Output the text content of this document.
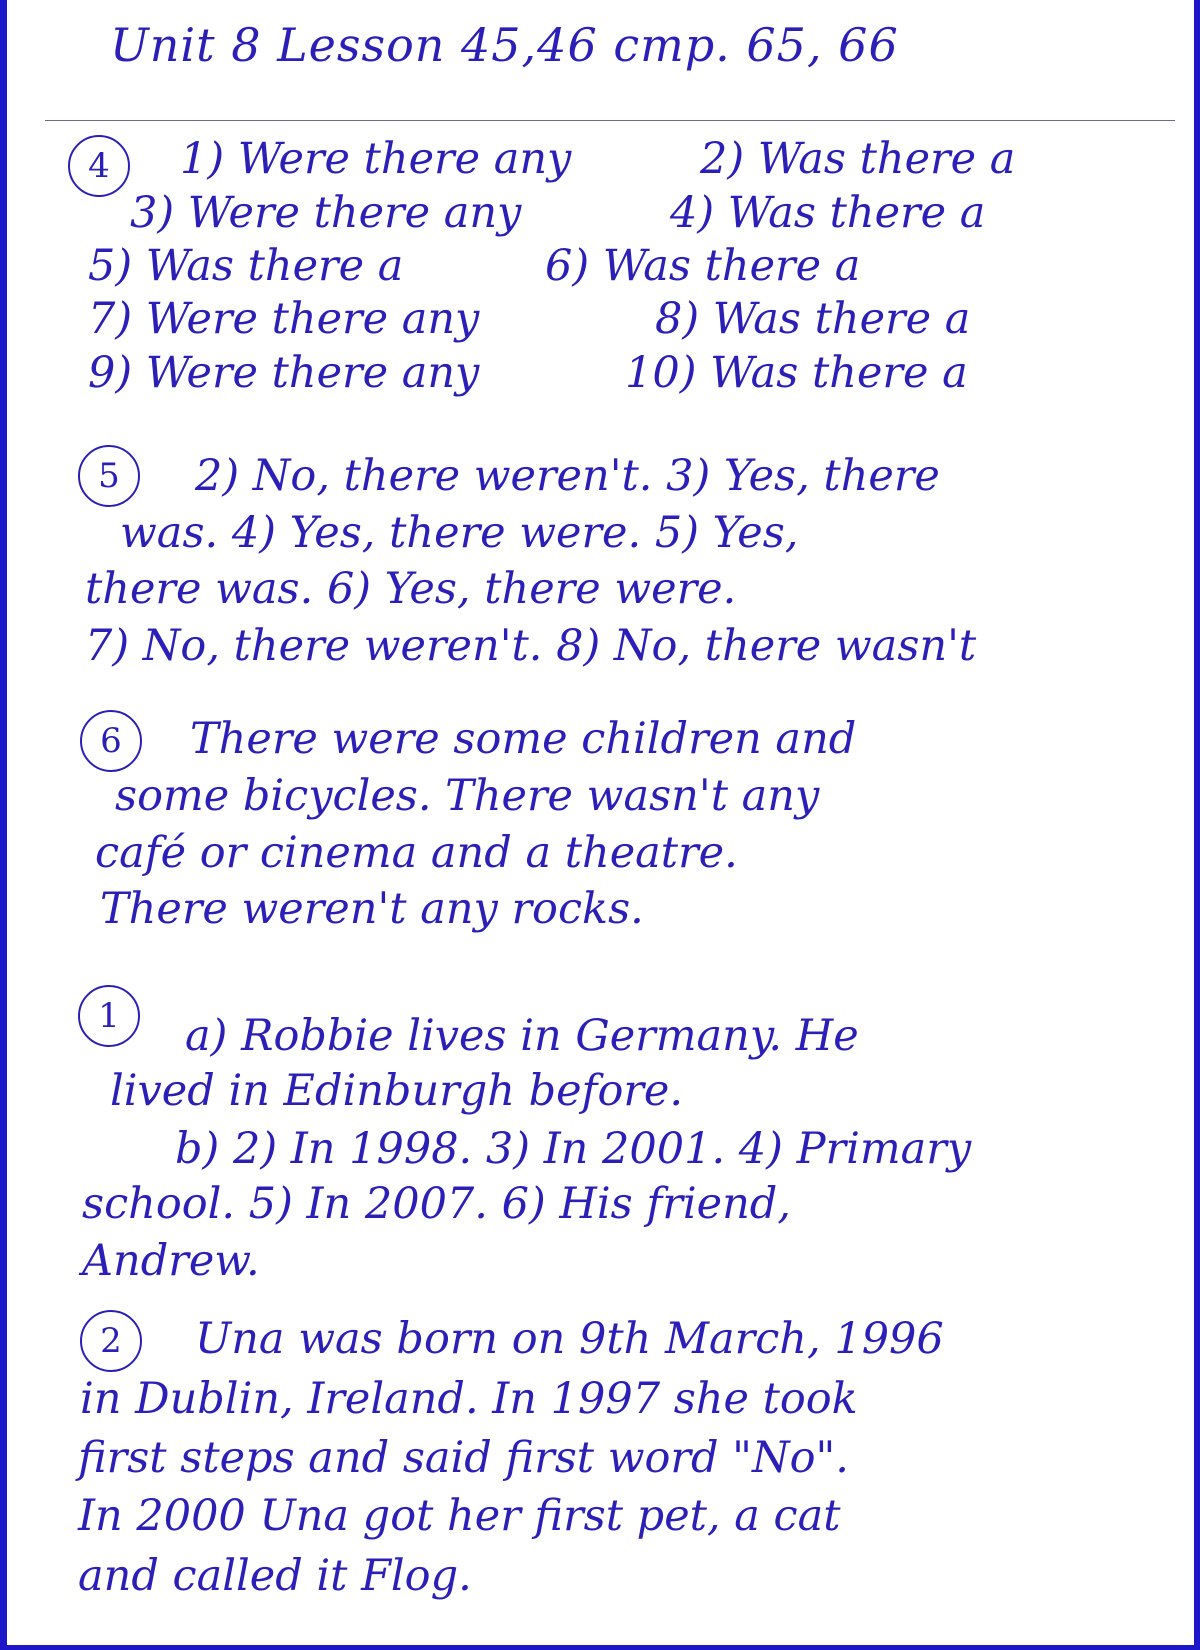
Unit 8 Lesson 45,46 стр. 65, 66
4	1) Were there any	2) Was there a
3) Were there any	4) Was there a
5) Was there a	6) Was there a
7) Were there any	8) Was there a
9) Were there any	10) Was there a
5	2) No, there weren't. 3) Yes, there
was. 4) Yes, there were. 5) Yes,
there was. 6) Yes, there were.
7) No, there weren't. 8) No, there wasn't
6	There were some children and
some bicycles. There wasn't any
café or cinema and a theatre.
There weren't any rocks.
1	a) Robbie lives in Germany. He
lived in Edinburgh before.
b) 2) In 1998. 3) In 2001. 4) Primary
school. 5) In 2007. 6) His friend,
Andrew.
2	Una was born on 9th March, 1996
in Dublin, Ireland. In 1997 she took
first steps and said first word "No".
In 2000 Una got her first pet, a cat
and called it Flog.
